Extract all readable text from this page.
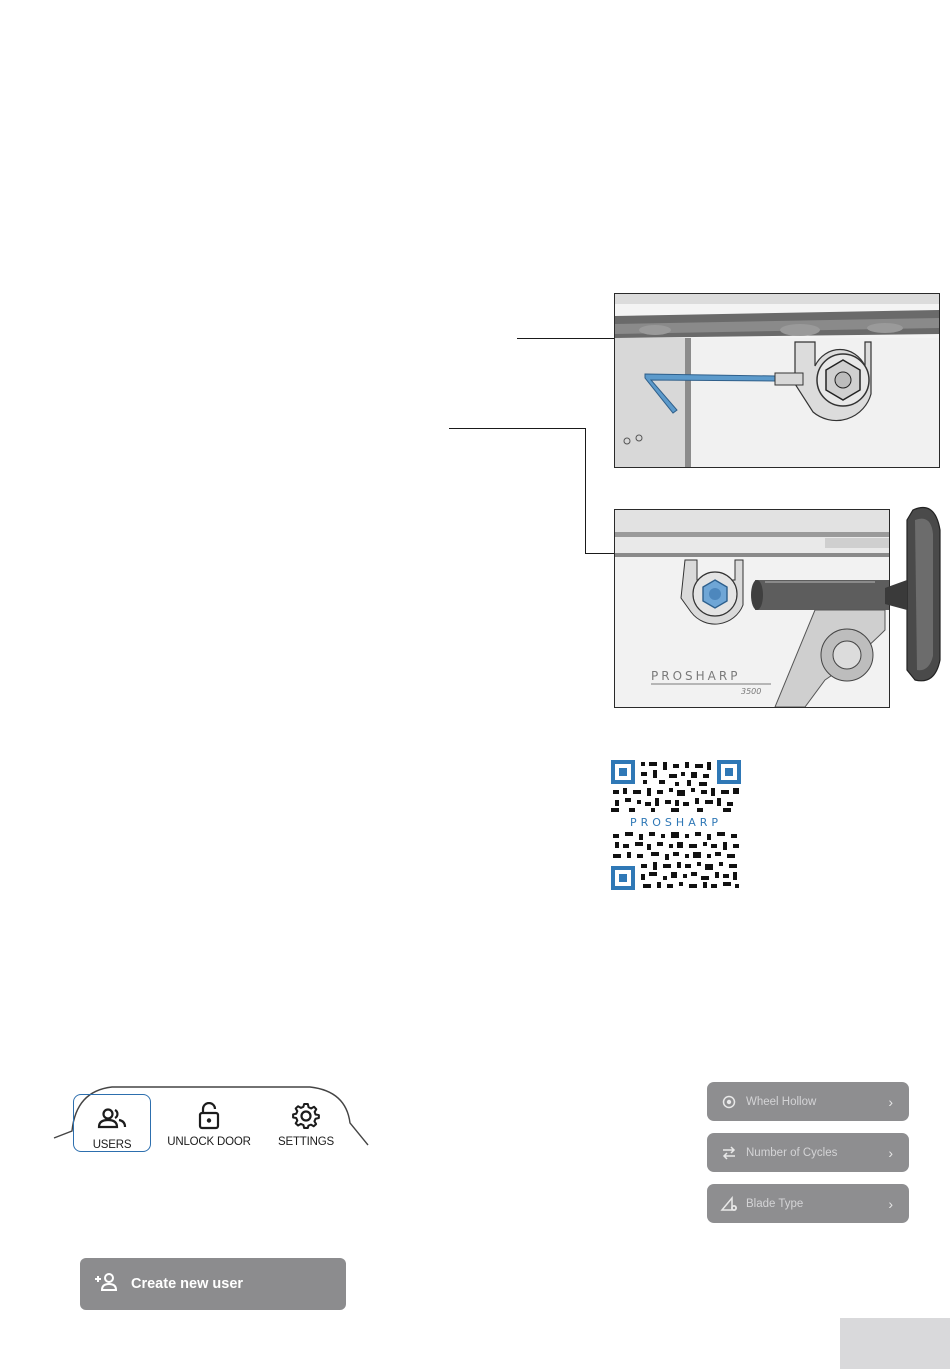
PROSHARP
3500
PROSHARP
USERS	UNLOCK DOOR	SETTINGS
Wheel Hollow	›
Number of Cycles	›
Blade Type	›
Create new user
